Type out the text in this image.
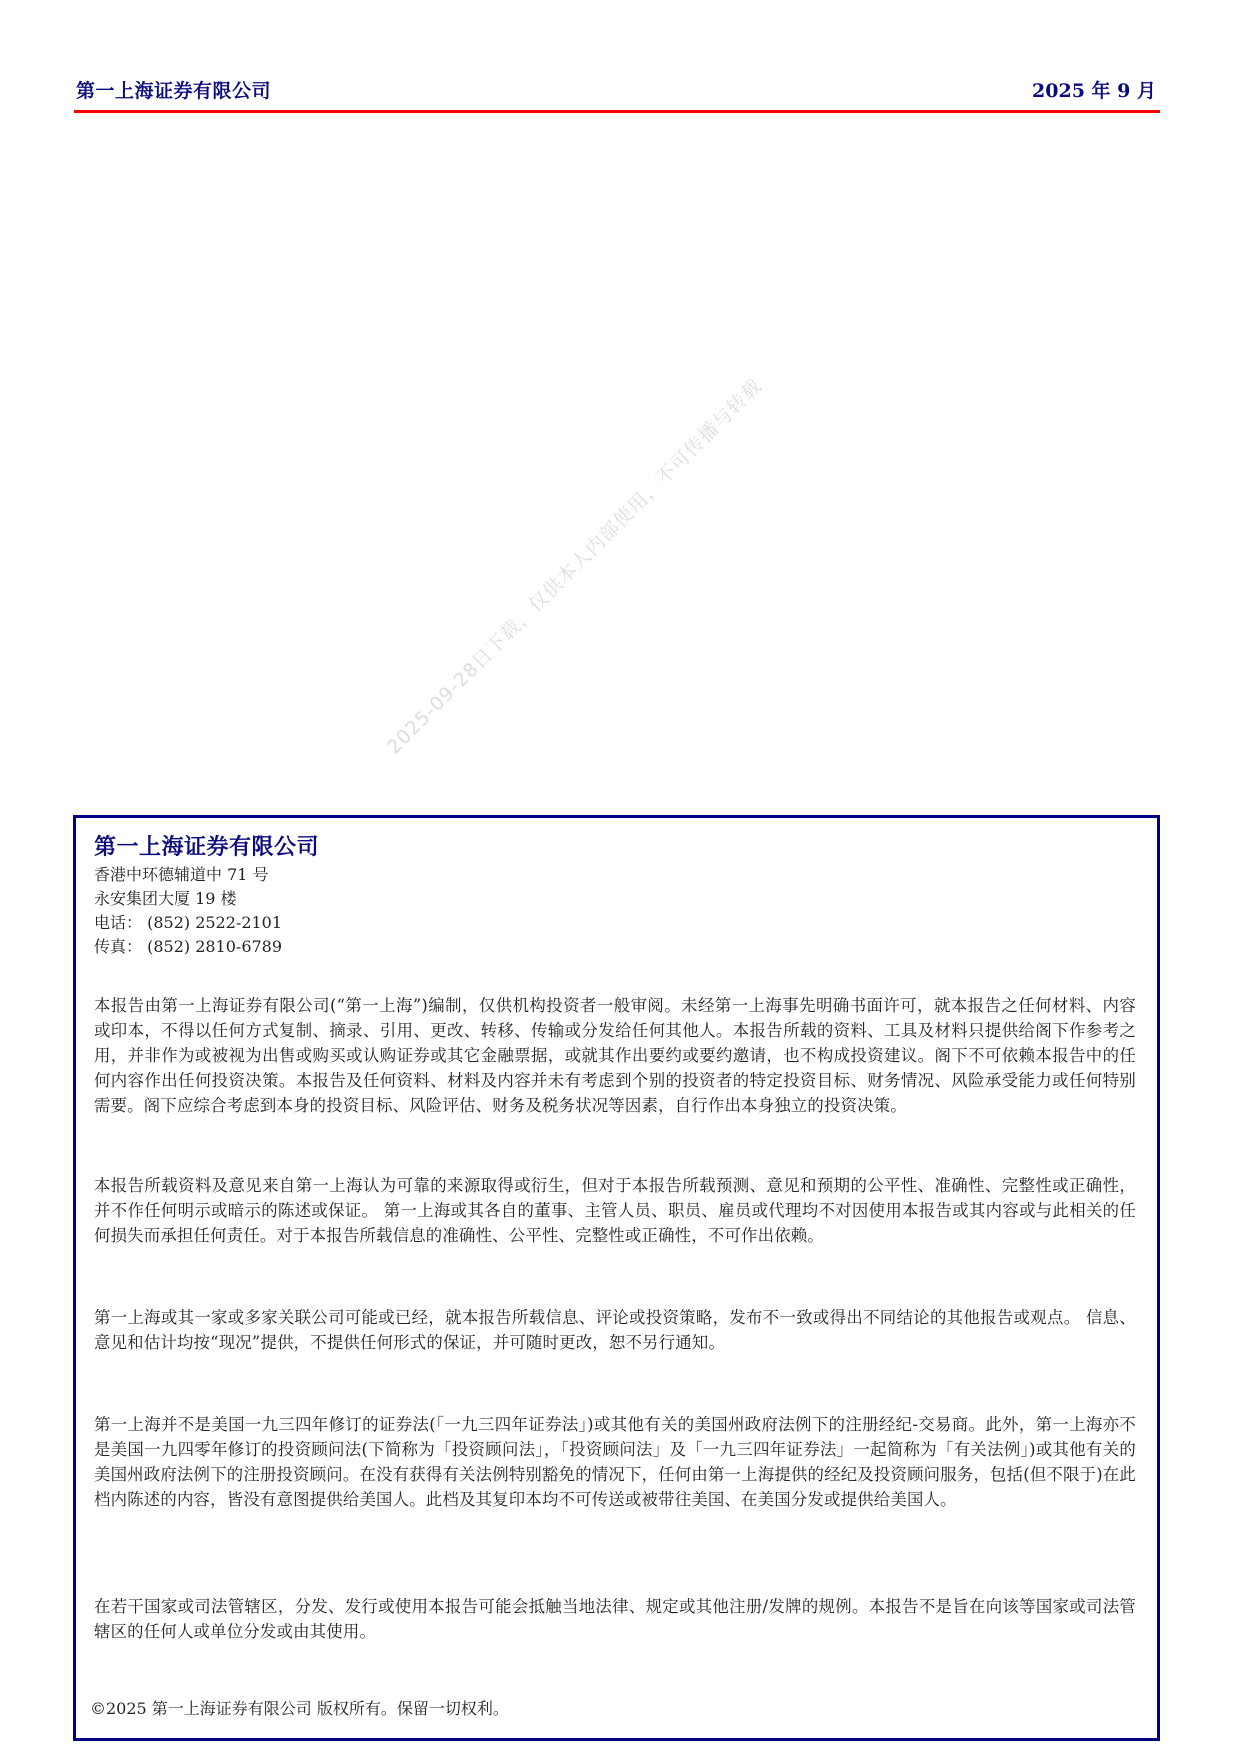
第一上海证券有限公司	2025 年 9 月
2025-09-28日下载，仅供本人内部使用，不可传播与转载
第一上海证券有限公司
香港中环德辅道中 71 号
永安集团大厦 19 楼
电话： (852) 2522-2101
传真： (852) 2810-6789
本报告由第一上海证券有限公司(“第一上海”)编制，仅供机构投资者一般审阅。未经第一上海事先明确书面许可，就本报告之任何材料、内容或印本，不得以任何方式复制、摘录、引用、更改、转移、传输或分发给任何其他人。本报告所载的资料、工具及材料只提供给阁下作参考之用，并非作为或被视为出售或购买或认购证券或其它金融票据，或就其作出要约或要约邀请，也不构成投资建议。阁下不可依赖本报告中的任何内容作出任何投资决策。本报告及任何资料、材料及内容并未有考虑到个别的投资者的特定投资目标、财务情况、风险承受能力或任何特别需要。阁下应综合考虑到本身的投资目标、风险评估、财务及税务状况等因素，自行作出本身独立的投资决策。
本报告所载资料及意见来自第一上海认为可靠的来源取得或衍生，但对于本报告所载预测、意见和预期的公平性、准确性、完整性或正确性，并不作任何明示或暗示的陈述或保证。 第一上海或其各自的董事、主管人员、职员、雇员或代理均不对因使用本报告或其内容或与此相关的任何损失而承担任何责任。对于本报告所载信息的准确性、公平性、完整性或正确性，不可作出依赖。
第一上海或其一家或多家关联公司可能或已经，就本报告所载信息、评论或投资策略，发布不一致或得出不同结论的其他报告或观点。 信息、意见和估计均按“现况”提供，不提供任何形式的保证，并可随时更改，恕不另行通知。
第一上海并不是美国一九三四年修订的证券法(「一九三四年证券法」)或其他有关的美国州政府法例下的注册经纪-交易商。此外，第一上海亦不是美国一九四零年修订的投资顾问法(下简称为「投资顾问法」，「投资顾问法」及「一九三四年证券法」一起简称为「有关法例」)或其他有关的美国州政府法例下的注册投资顾问。在没有获得有关法例特别豁免的情况下，任何由第一上海提供的经纪及投资顾问服务，包括(但不限于)在此档内陈述的内容，皆没有意图提供给美国人。此档及其复印本均不可传送或被带往美国、在美国分发或提供给美国人。
在若干国家或司法管辖区，分发、发行或使用本报告可能会抵触当地法律、规定或其他注册/发牌的规例。本报告不是旨在向该等国家或司法管辖区的任何人或单位分发或由其使用。
©2025 第一上海证券有限公司 版权所有。保留一切权利。
